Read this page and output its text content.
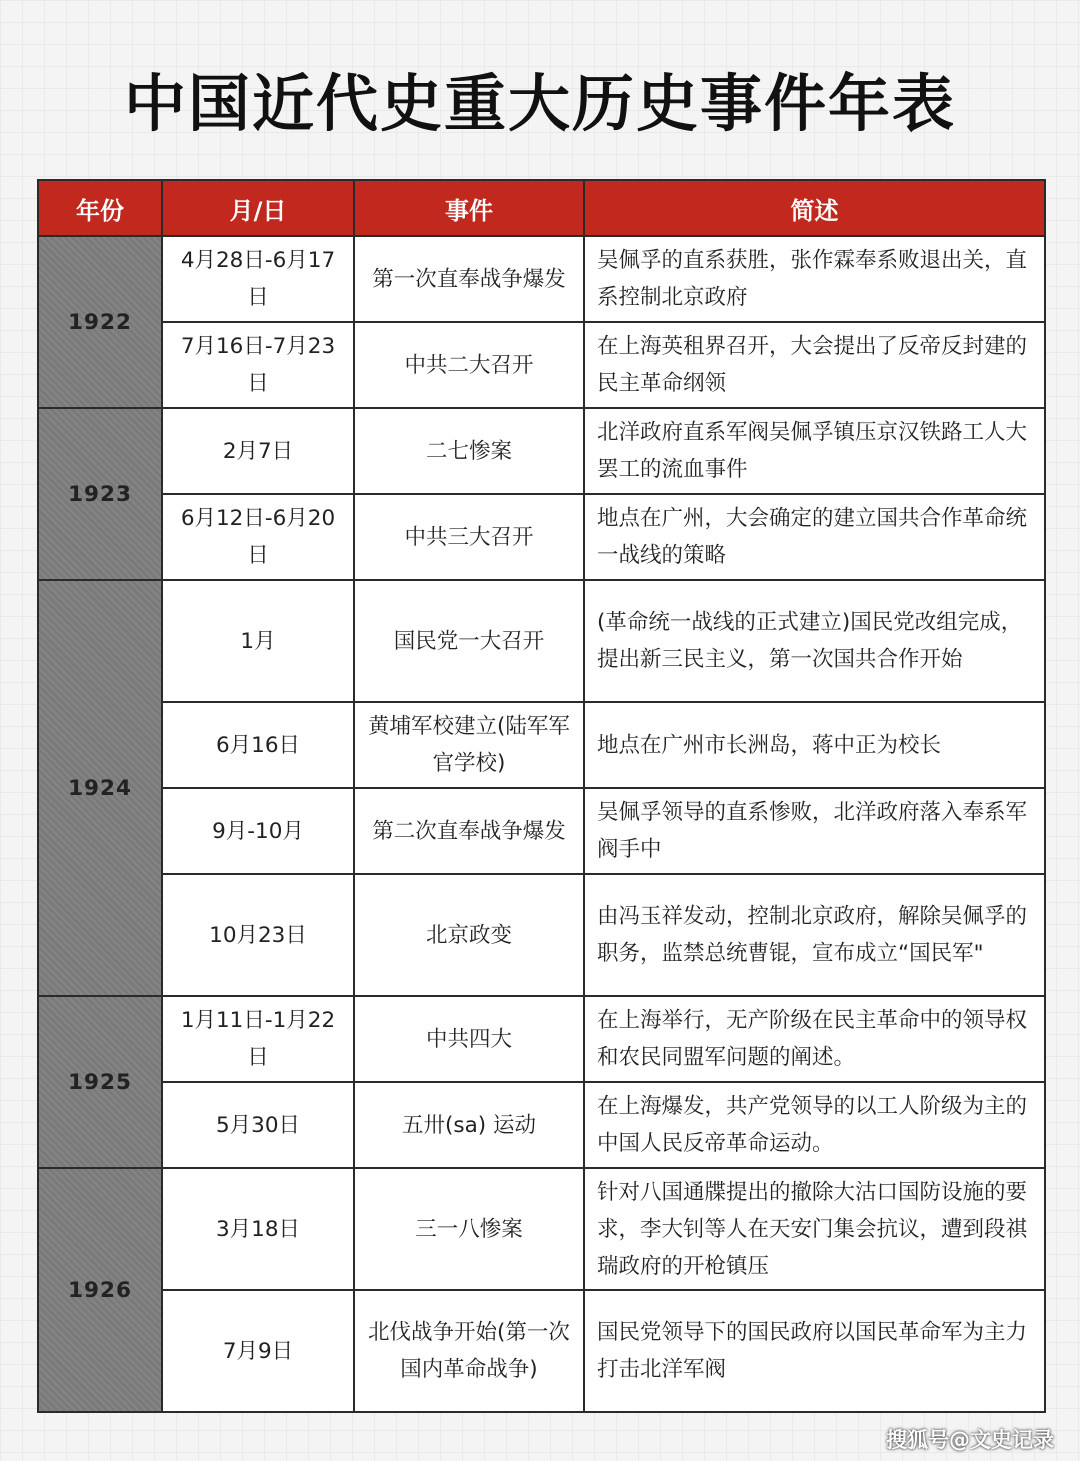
中国近代史重大历史事件年表
年份	月/日	事件	简述
1922	4月28日-6月17日	第一次直奉战争爆发	吴佩孚的直系获胜，张作霖奉系败退出关，直系控制北京政府
	7月16日-7月23日	中共二大召开	在上海英租界召开，大会提出了反帝反封建的民主革命纲领
1923	2月7日	二七惨案	北洋政府直系军阀吴佩孚镇压京汉铁路工人大罢工的流血事件
	6月12日-6月20日	中共三大召开	地点在广州，大会确定的建立国共合作革命统一战线的策略
1924	1月	国民党一大召开	(革命统一战线的正式建立)国民党改组完成，提出新三民主义，第一次国共合作开始
	6月16日	黄埔军校建立(陆军军官学校)	地点在广州市长洲岛，蒋中正为校长
	9月-10月	第二次直奉战争爆发	吴佩孚领导的直系惨败，北洋政府落入奉系军阀手中
	10月23日	北京政变	由冯玉祥发动，控制北京政府，解除吴佩孚的职务，监禁总统曹锟，宣布成立“国民军"
1925	1月11日-1月22日	中共四大	在上海举行，无产阶级在民主革命中的领导权和农民同盟军问题的阐述。
	5月30日	五卅(sa) 运动	在上海爆发，共产党领导的以工人阶级为主的中国人民反帝革命运动。
1926	3月18日	三一八惨案	针对八国通牒提出的撤除大沽口国防设施的要求，李大钊等人在天安门集会抗议，遭到段祺瑞政府的开枪镇压
	7月9日	北伐战争开始(第一次国内革命战争)	国民党领导下的国民政府以国民革命军为主力打击北洋军阀
搜狐号@文史记录
